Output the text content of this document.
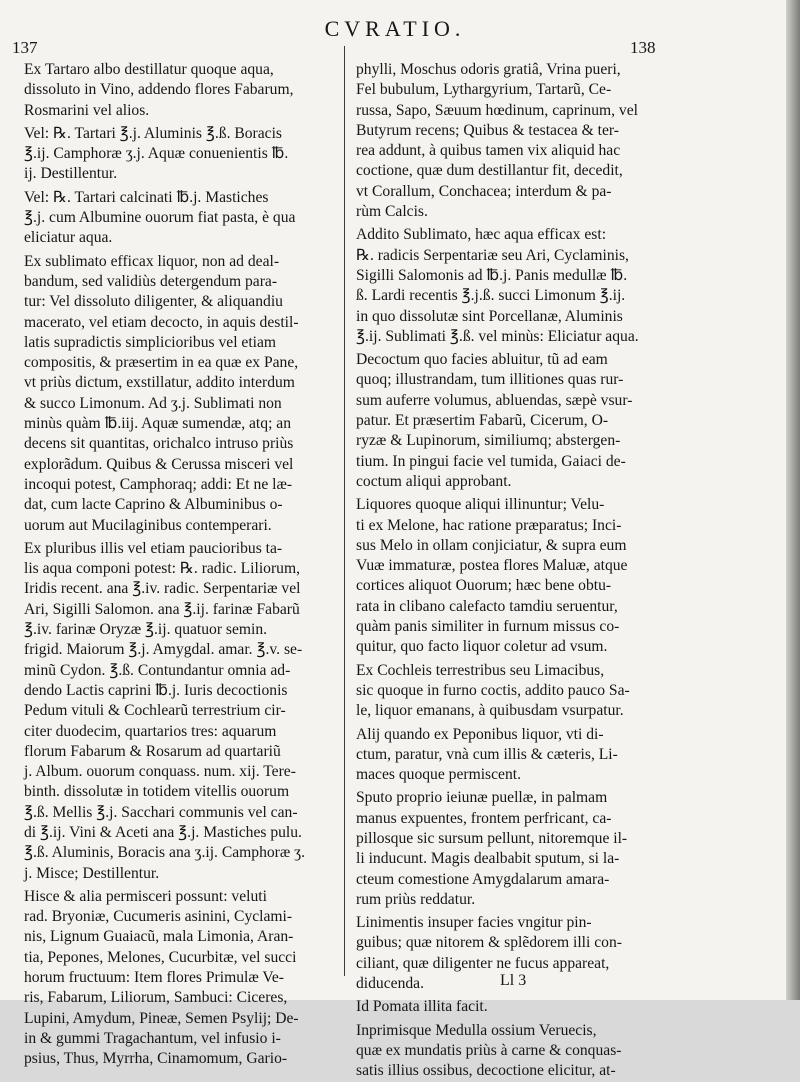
137
CVRATIO.
138
Ex Tartaro albo destillatur quoque aqua,
dissoluto in Vino, addendo flores Fabarum,
Rosmarini vel alios.
Vel: ℞. Tartari ℥.j. Aluminis ℥.ß. Boracis
℥.ij. Camphoræ ʒ.j. Aquæ conuenientis ℔.
ij. Destillentur.
Vel: ℞. Tartari calcinati ℔.j. Mastiches
℥.j. cum Albumine ouorum fiat pasta, è qua
eliciatur aqua.
Ex sublimato efficax liquor, non ad deal-
bandum, sed validiùs detergendum para-
tur: Vel dissoluto diligenter, & aliquandiu
macerato, vel etiam decocto, in aquis destil-
latis supradictis simplicioribus vel etiam
compositis, & præsertim in ea quæ ex Pane,
vt priùs dictum, exstillatur, addito interdum
& succo Limonum. Ad ʒ.j. Sublimati non
minùs quàm ℔.iij. Aquæ sumendæ, atq; an
decens sit quantitas, orichalco intruso priùs
explorãdum. Quibus & Cerussa misceri vel
incoqui potest, Camphoraq; addi: Et ne læ-
dat, cum lacte Caprino & Albuminibus o-
uorum aut Mucilaginibus contemperari.
Ex pluribus illis vel etiam paucioribus ta-
lis aqua componi potest: ℞. radic. Liliorum,
Iridis recent. ana ℥.iv. radic. Serpentariæ vel
Ari, Sigilli Salomon. ana ℥.ij. farinæ Fabarũ
℥.iv. farinæ Oryzæ ℥.ij. quatuor semin.
frigid. Maiorum ℥.j. Amygdal. amar. ℥.v. se-
minũ Cydon. ℥.ß. Contundantur omnia ad-
dendo Lactis caprini ℔.j. Iuris decoctionis
Pedum vituli & Cochlearũ terrestrium cir-
citer duodecim, quartarios tres: aquarum
florum Fabarum & Rosarum ad quartariũ
j. Album. ouorum conquass. num. xij. Tere-
binth. dissolutæ in totidem vitellis ouorum
℥.ß. Mellis ℥.j. Sacchari communis vel can-
di ℥.ij. Vini & Aceti ana ℥.j. Mastiches pulu.
℥.ß. Aluminis, Boracis ana ʒ.ij. Camphoræ ʒ.
j. Misce; Destillentur.
Hisce & alia permisceri possunt: veluti
rad. Bryoniæ, Cucumeris asinini, Cyclami-
nis, Lignum Guaiacũ, mala Limonia, Aran-
tia, Pepones, Melones, Cucurbitæ, vel succi
horum fructuum: Item flores Primulæ Ve-
ris, Fabarum, Liliorum, Sambuci: Ciceres,
Lupini, Amydum, Pineæ, Semen Psylij; De-
in & gummi Tragachantum, vel infusio i-
psius, Thus, Myrrha, Cinamomum, Gario-
phylli, Moschus odoris gratiâ, Vrina pueri,
Fel bubulum, Lythargyrium, Tartarũ, Ce-
russa, Sapo, Sæuum hœdinum, caprinum, vel
Butyrum recens; Quibus & testacea & ter-
rea addunt, à quibus tamen vix aliquid hac
coctione, quæ dum destillantur fit, decedit,
vt Corallum, Conchacea; interdum & pa-
rùm Calcis.
Addito Sublimato, hæc aqua efficax est:
℞. radicis Serpentariæ seu Ari, Cyclaminis,
Sigilli Salomonis ad ℔.j. Panis medullæ ℔.
ß. Lardi recentis ℥.j.ß. succi Limonum ℥.ij.
in quo dissolutæ sint Porcellanæ, Aluminis
℥.ij. Sublimati ℥.ß. vel minùs: Eliciatur aqua.
Decoctum quo facies abluitur, tũ ad eam
quoq; illustrandam, tum illitiones quas rur-
sum auferre volumus, abluendas, sæpè vsur-
patur. Et præsertim Fabarũ, Cicerum, O-
ryzæ & Lupinorum, similiumq; abstergen-
tium. In pingui facie vel tumida, Gaiaci de-
coctum aliqui approbant.
Liquores quoque aliqui illinuntur; Velu-
ti ex Melone, hac ratione præparatus; Inci-
sus Melo in ollam conjiciatur, & supra eum
Vuæ immaturæ, postea flores Maluæ, atque
cortices aliquot Ouorum; hæc bene obtu-
rata in clibano calefacto tamdiu seruentur,
quàm panis similiter in furnum missus co-
quitur, quo facto liquor coletur ad vsum.
Ex Cochleis terrestribus seu Limacibus,
sic quoque in furno coctis, addito pauco Sa-
le, liquor emanans, à quibusdam vsurpatur.
Alij quando ex Peponibus liquor, vti di-
ctum, paratur, vnà cum illis & cæteris, Li-
maces quoque permiscent.
Sputo proprio ieiunæ puellæ, in palmam
manus expuentes, frontem perfricant, ca-
pillosque sic sursum pellunt, nitoremque il-
li inducunt. Magis dealbabit sputum, si la-
cteum comestione Amygdalarum amara-
rum priùs reddatur.
Linimentis insuper facies vngitur pin-
guibus; quæ nitorem & splẽdorem illi con-
ciliant, quæ diligenter ne fucus appareat,
diducenda.
Id Pomata illita facit.
Inprimisque Medulla ossium Veruecis,
quæ ex mundatis priùs à carne & conquas-
satis illius ossibus, decoctione elicitur, at-
Ll 3
